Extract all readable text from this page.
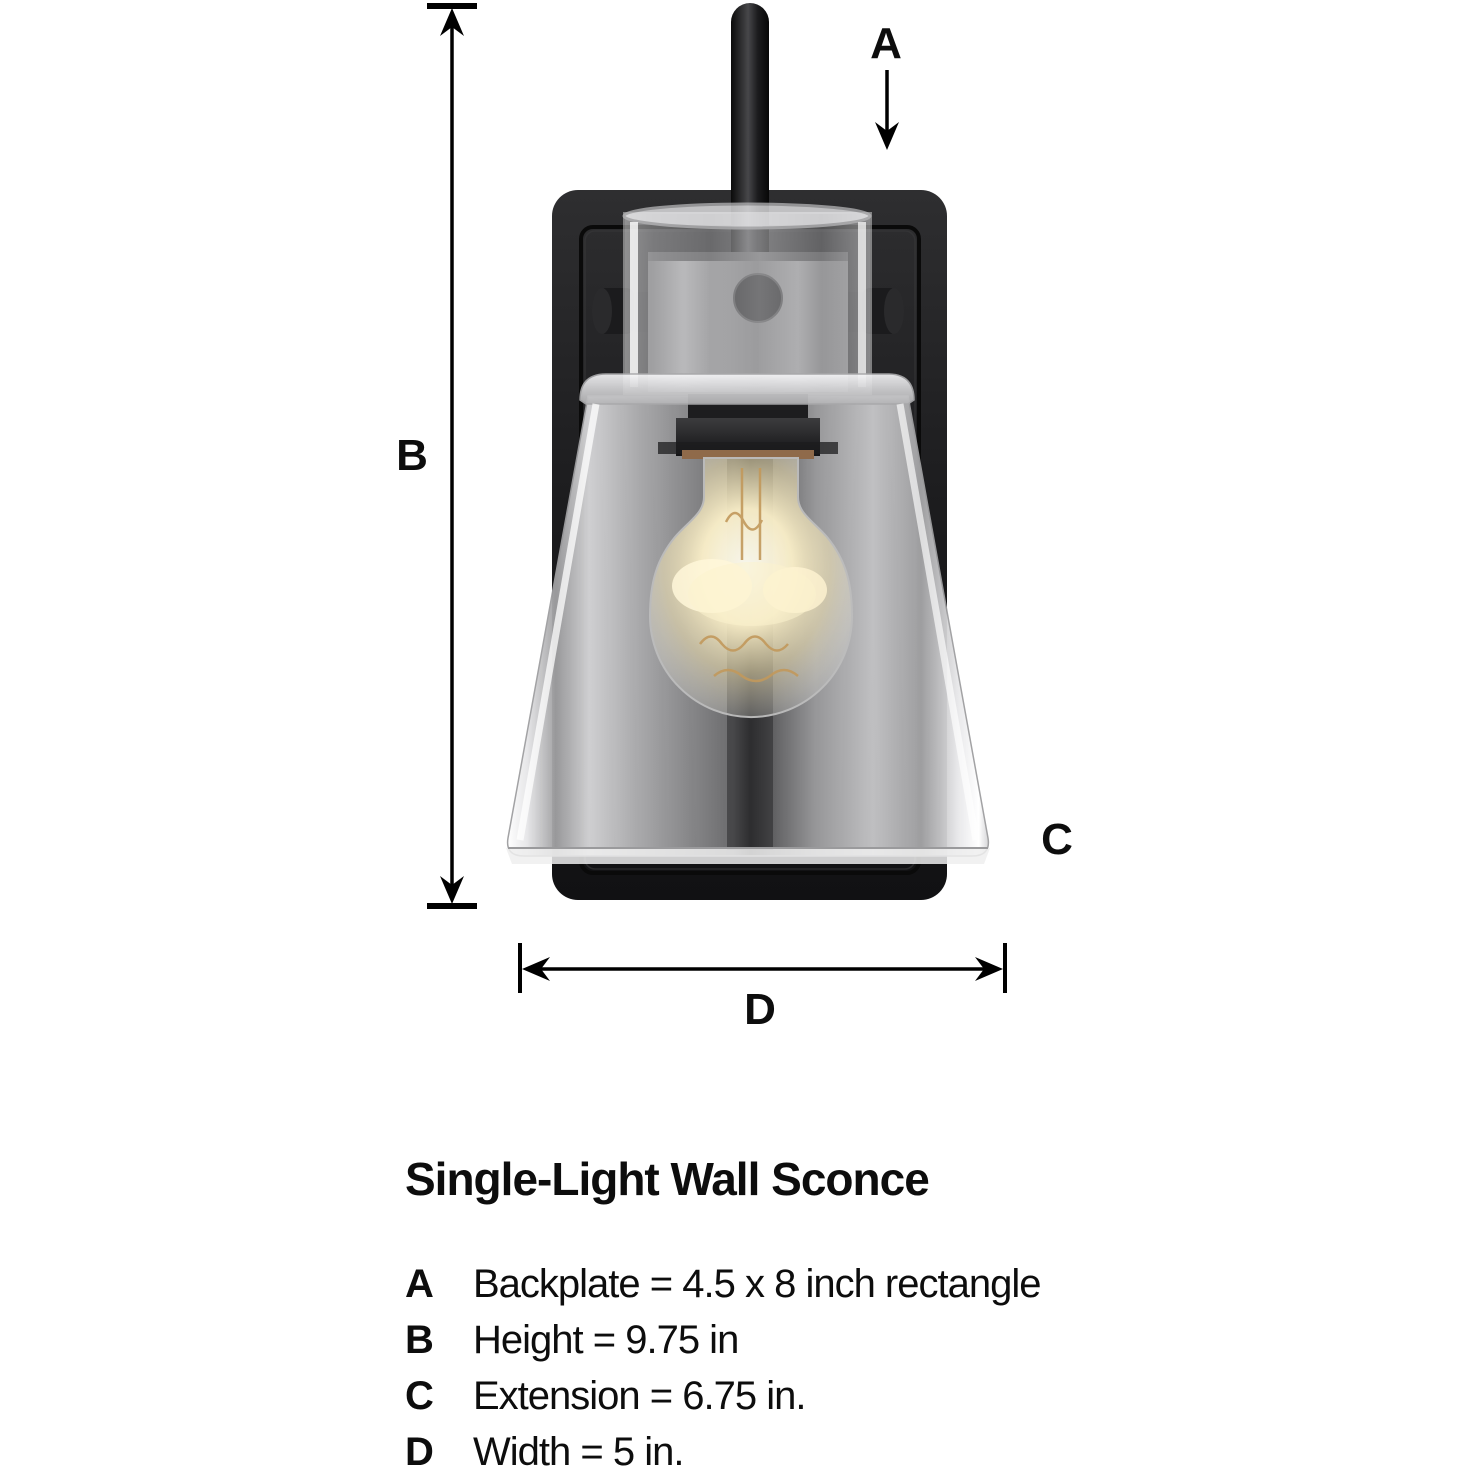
B
A
C
D
Single-Light Wall Sconce
A	Backplate = 4.5 x 8 inch rectangle
B	Height = 9.75 in
C	Extension = 6.75 in.
D	Width = 5 in.
